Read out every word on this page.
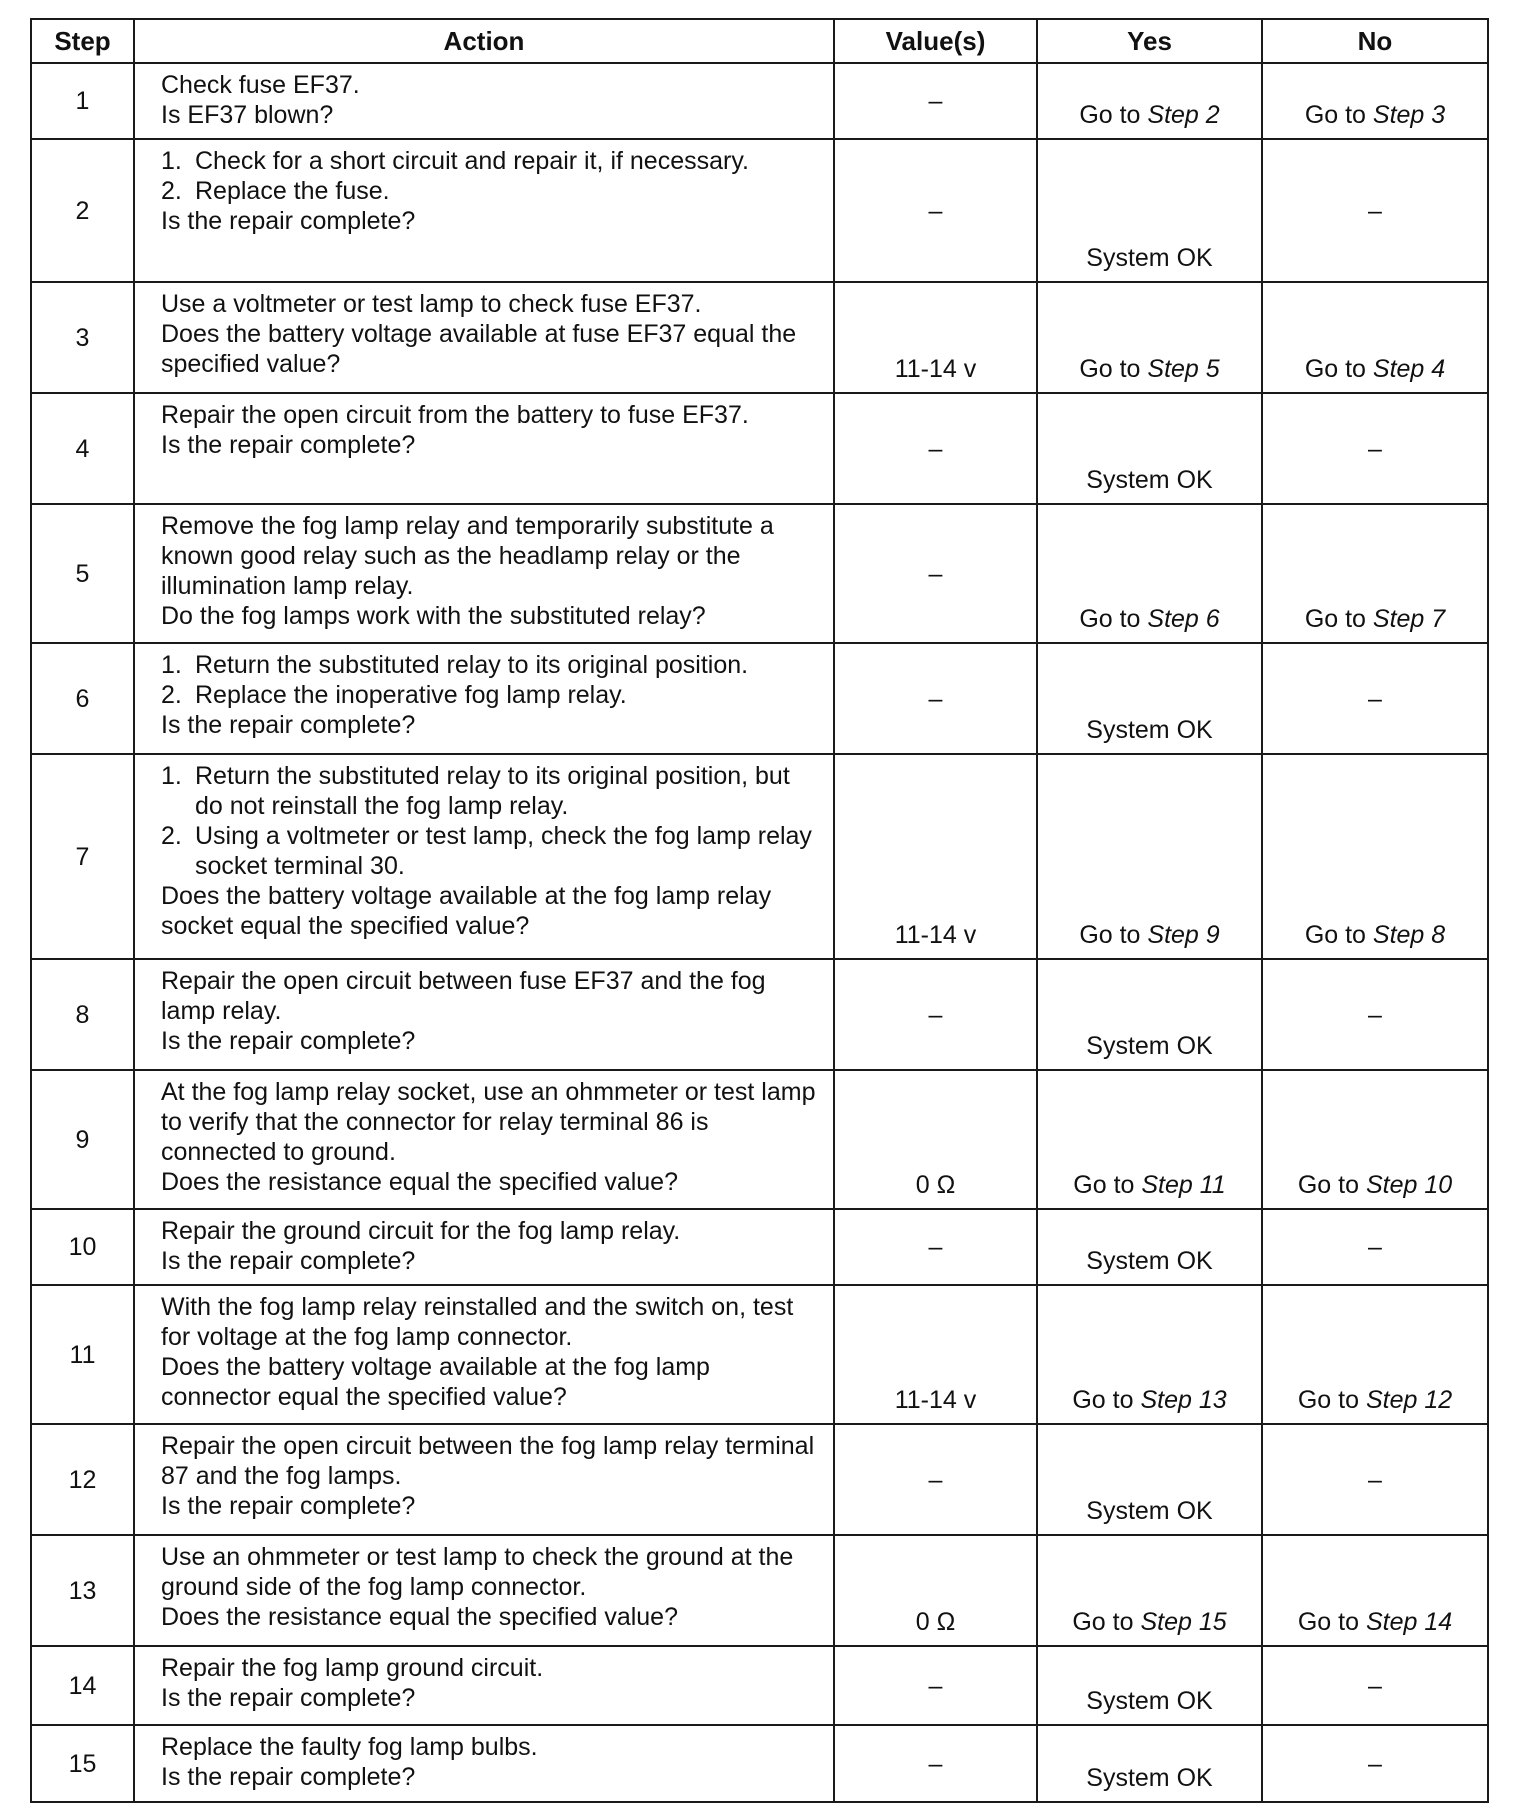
Step	Action	Value(s)	Yes	No
1	Check fuse EF37.
Is EF37 blown?	–	Go to Step 2	Go to Step 3
2	1. Check for a short circuit and repair it, if necessary.
2. Replace the fuse.
Is the repair complete?	–	System OK	–
3	Use a voltmeter or test lamp to check fuse EF37.
Does the battery voltage available at fuse EF37 equal the specified value?	11-14 v	Go to Step 5	Go to Step 4
4	Repair the open circuit from the battery to fuse EF37.
Is the repair complete?	–	System OK	–
5	Remove the fog lamp relay and temporarily substitute a known good relay such as the headlamp relay or the illumination lamp relay.
Do the fog lamps work with the substituted relay?	–	Go to Step 6	Go to Step 7
6	1. Return the substituted relay to its original position.
2. Replace the inoperative fog lamp relay.
Is the repair complete?	–	System OK	–
7	1. Return the substituted relay to its original position, but do not reinstall the fog lamp relay.
2. Using a voltmeter or test lamp, check the fog lamp relay socket terminal 30.
Does the battery voltage available at the fog lamp relay socket equal the specified value?	11-14 v	Go to Step 9	Go to Step 8
8	Repair the open circuit between fuse EF37 and the fog lamp relay.
Is the repair complete?	–	System OK	–
9	At the fog lamp relay socket, use an ohmmeter or test lamp to verify that the connector for relay terminal 86 is connected to ground.
Does the resistance equal the specified value?	0 Ω	Go to Step 11	Go to Step 10
10	Repair the ground circuit for the fog lamp relay.
Is the repair complete?	–	System OK	–
11	With the fog lamp relay reinstalled and the switch on, test for voltage at the fog lamp connector.
Does the battery voltage available at the fog lamp connector equal the specified value?	11-14 v	Go to Step 13	Go to Step 12
12	Repair the open circuit between the fog lamp relay terminal 87 and the fog lamps.
Is the repair complete?	–	System OK	–
13	Use an ohmmeter or test lamp to check the ground at the ground side of the fog lamp connector.
Does the resistance equal the specified value?	0 Ω	Go to Step 15	Go to Step 14
14	Repair the fog lamp ground circuit.
Is the repair complete?	–	System OK	–
15	Replace the faulty fog lamp bulbs.
Is the repair complete?	–	System OK	–
